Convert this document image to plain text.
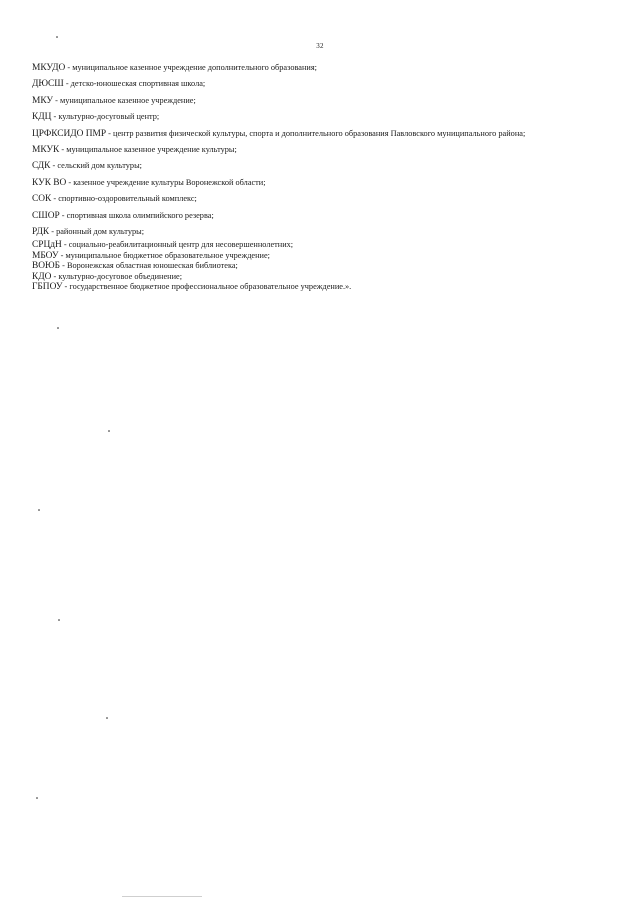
32
МКУДО - муниципальное казенное учреждение дополнительного образования;
ДЮСШ - детско-юношеская спортивная школа;
МКУ - муниципальное казенное учреждение;
КДЦ - культурно-досуговый центр;
ЦРФКСИДО ПМР - центр развития физической культуры, спорта и дополнительного образования Павловского муниципального района;
МКУК - муниципальное казенное учреждение культуры;
СДК - сельский дом культуры;
КУК ВО - казенное учреждение культуры Воронежской области;
СОК - спортивно-оздоровительный комплекс;
СШОР - спортивная школа олимпийского резерва;
РДК - районный дом культуры;
СРЦдН - социально-реабилитационный центр для несовершеннолетних;
МБОУ - муниципальное бюджетное образовательное учреждение;
ВОЮБ - Воронежская областная юношеская библиотека;
КДО - культурно-досуговое объединение;
ГБПОУ - государственное бюджетное профессиональное образовательное учреждение.».
